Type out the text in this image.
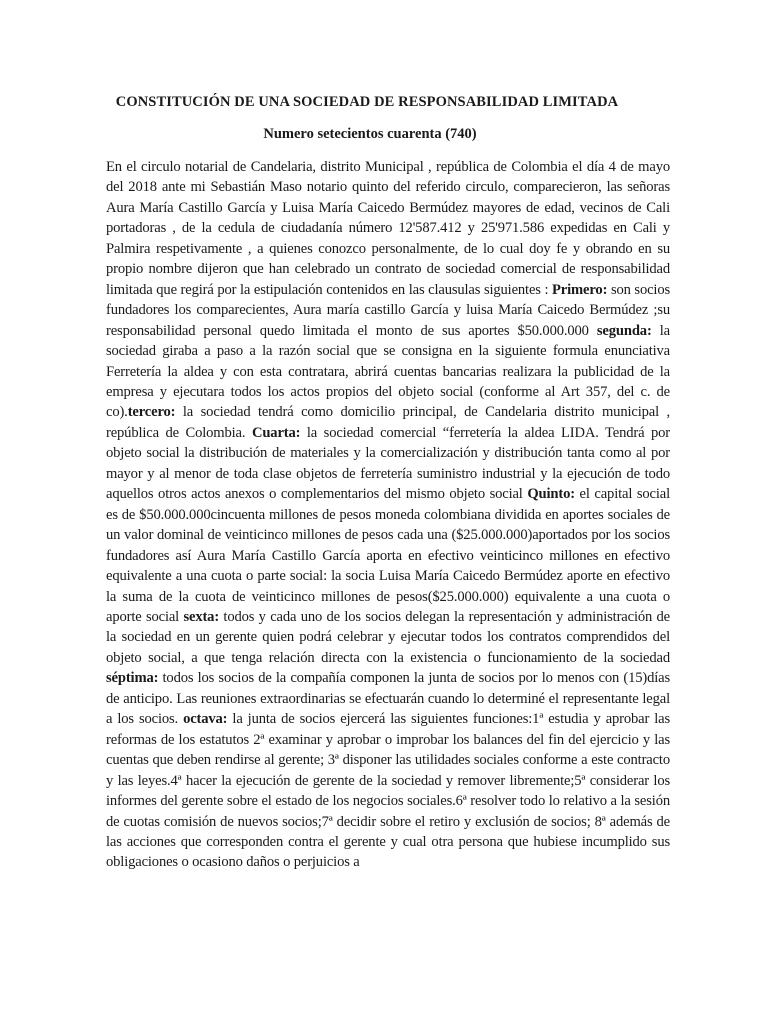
CONSTITUCIÓN DE UNA SOCIEDAD DE RESPONSABILIDAD LIMITADA
Numero setecientos cuarenta (740)
En el circulo notarial de Candelaria, distrito Municipal , república de Colombia el día 4 de mayo del 2018 ante mi Sebastián Maso notario quinto del referido circulo, comparecieron, las señoras Aura María Castillo García y Luisa María Caicedo Bermúdez mayores de edad, vecinos de Cali portadoras , de la cedula de ciudadanía número 12'587.412 y 25'971.586 expedidas en Cali y Palmira respetivamente , a quienes conozco personalmente, de lo cual doy fe y obrando en su propio nombre dijeron que han celebrado un contrato de sociedad comercial de responsabilidad limitada que regirá por la estipulación contenidos en las clausulas siguientes : Primero: son socios fundadores los comparecientes, Aura maría castillo García y luisa María Caicedo Bermúdez ;su responsabilidad personal quedo limitada el monto de sus aportes $50.000.000 segunda: la sociedad giraba a paso a la razón social que se consigna en la siguiente formula enunciativa Ferretería la aldea y con esta contratara, abrirá cuentas bancarias realizara la publicidad de la empresa y ejecutara todos los actos propios del objeto social (conforme al Art 357, del c. de co).tercero: la sociedad tendrá como domicilio principal, de Candelaria distrito municipal , república de Colombia. Cuarta: la sociedad comercial “ferretería la aldea LIDA. Tendrá por objeto social la distribución de materiales y la comercialización y distribución tanta como al por mayor y al menor de toda clase objetos de ferretería suministro industrial y la ejecución de todo aquellos otros actos anexos o complementarios del mismo objeto social Quinto: el capital social es de $50.000.000cincuenta millones de pesos moneda colombiana dividida en aportes sociales de un valor dominal de veinticinco millones de pesos cada una ($25.000.000)aportados por los socios fundadores así Aura María Castillo García aporta en efectivo veinticinco millones en efectivo equivalente a una cuota o parte social: la socia Luisa María Caicedo Bermúdez aporte en efectivo la suma de la cuota de veinticinco millones de pesos($25.000.000) equivalente a una cuota o aporte social sexta: todos y cada uno de los socios delegan la representación y administración de la sociedad en un gerente quien podrá celebrar y ejecutar todos los contratos comprendidos del objeto social, a que tenga relación directa con la existencia o funcionamiento de la sociedad séptima: todos los socios de la compañía componen la junta de socios por lo menos con (15)días de anticipo. Las reuniones extraordinarias se efectuarán cuando lo determiné el representante legal a los socios. octava: la junta de socios ejercerá las siguientes funciones:1ª estudia y aprobar las reformas de los estatutos 2ª examinar y aprobar o improbar los balances del fin del ejercicio y las cuentas que deben rendirse al gerente; 3ª disponer las utilidades sociales conforme a este contracto y las leyes.4ª hacer la ejecución de gerente de la sociedad y remover librementе;5ª considerar los informes del gerente sobre el estado de los negocios sociales.6ª resolver todo lo relativo a la sesión de cuotas comisión de nuevos socios;7ª decidir sobre el retiro y exclusión de socios; 8ª además de las acciones que corresponden contra el gerente y cual otra persona que hubiese incumplido sus obligaciones o ocasiono daños o perjuicios a
